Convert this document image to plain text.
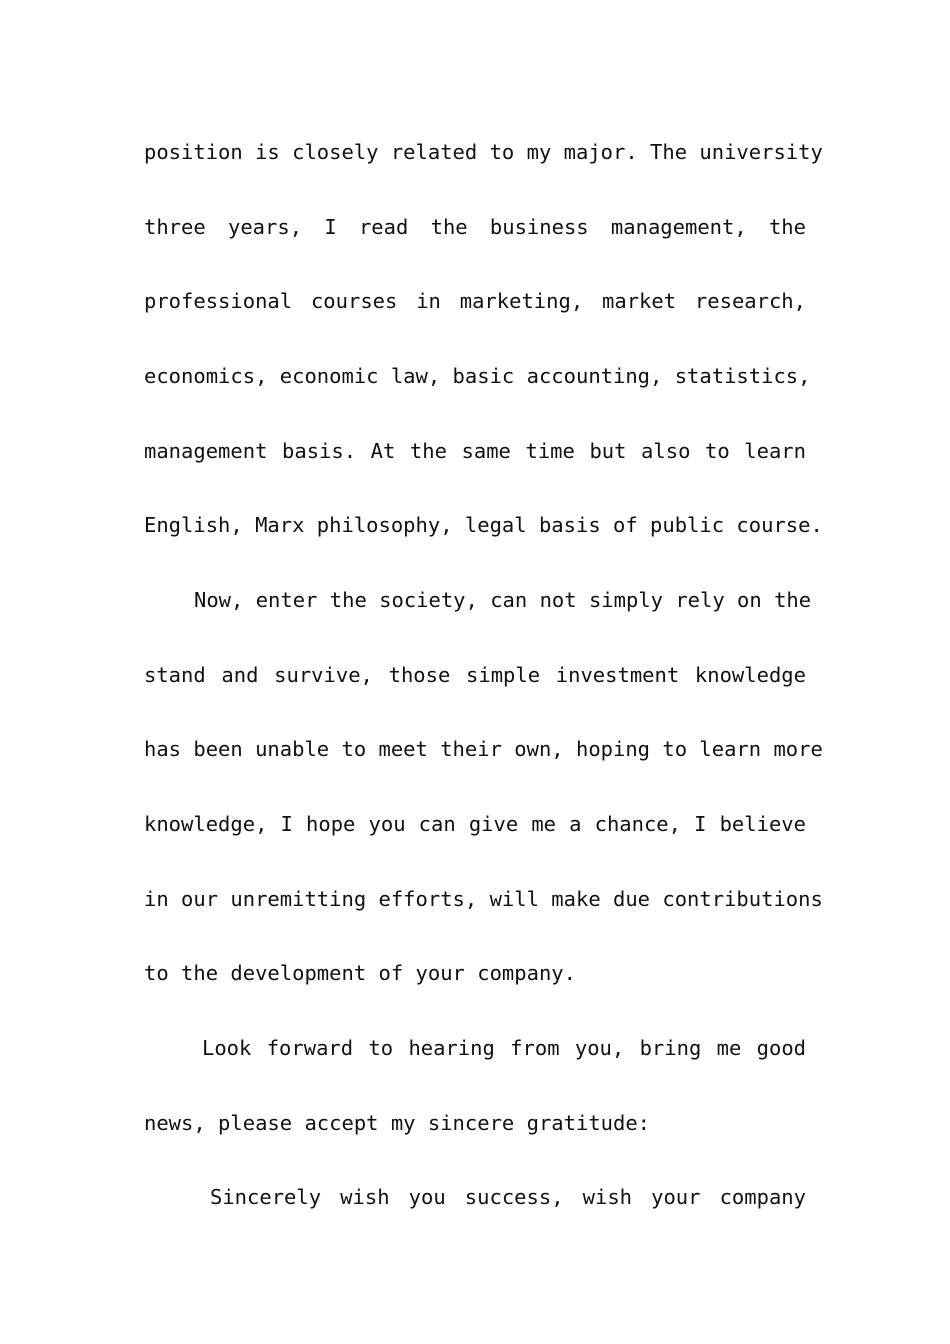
position is closely related to my major. The university
three years, I read the business management, the
professional courses in marketing, market research,
economics, economic law, basic accounting, statistics,
management basis. At the same time but also to learn
English, Marx philosophy, legal basis of public course.
Now, enter the society, can not simply rely on the
stand and survive, those simple investment knowledge
has been unable to meet their own, hoping to learn more
knowledge, I hope you can give me a chance, I believe
in our unremitting efforts, will make due contributions
to the development of your company.
Look forward to hearing from you, bring me good
news, please accept my sincere gratitude:
Sincerely wish you success, wish your company
